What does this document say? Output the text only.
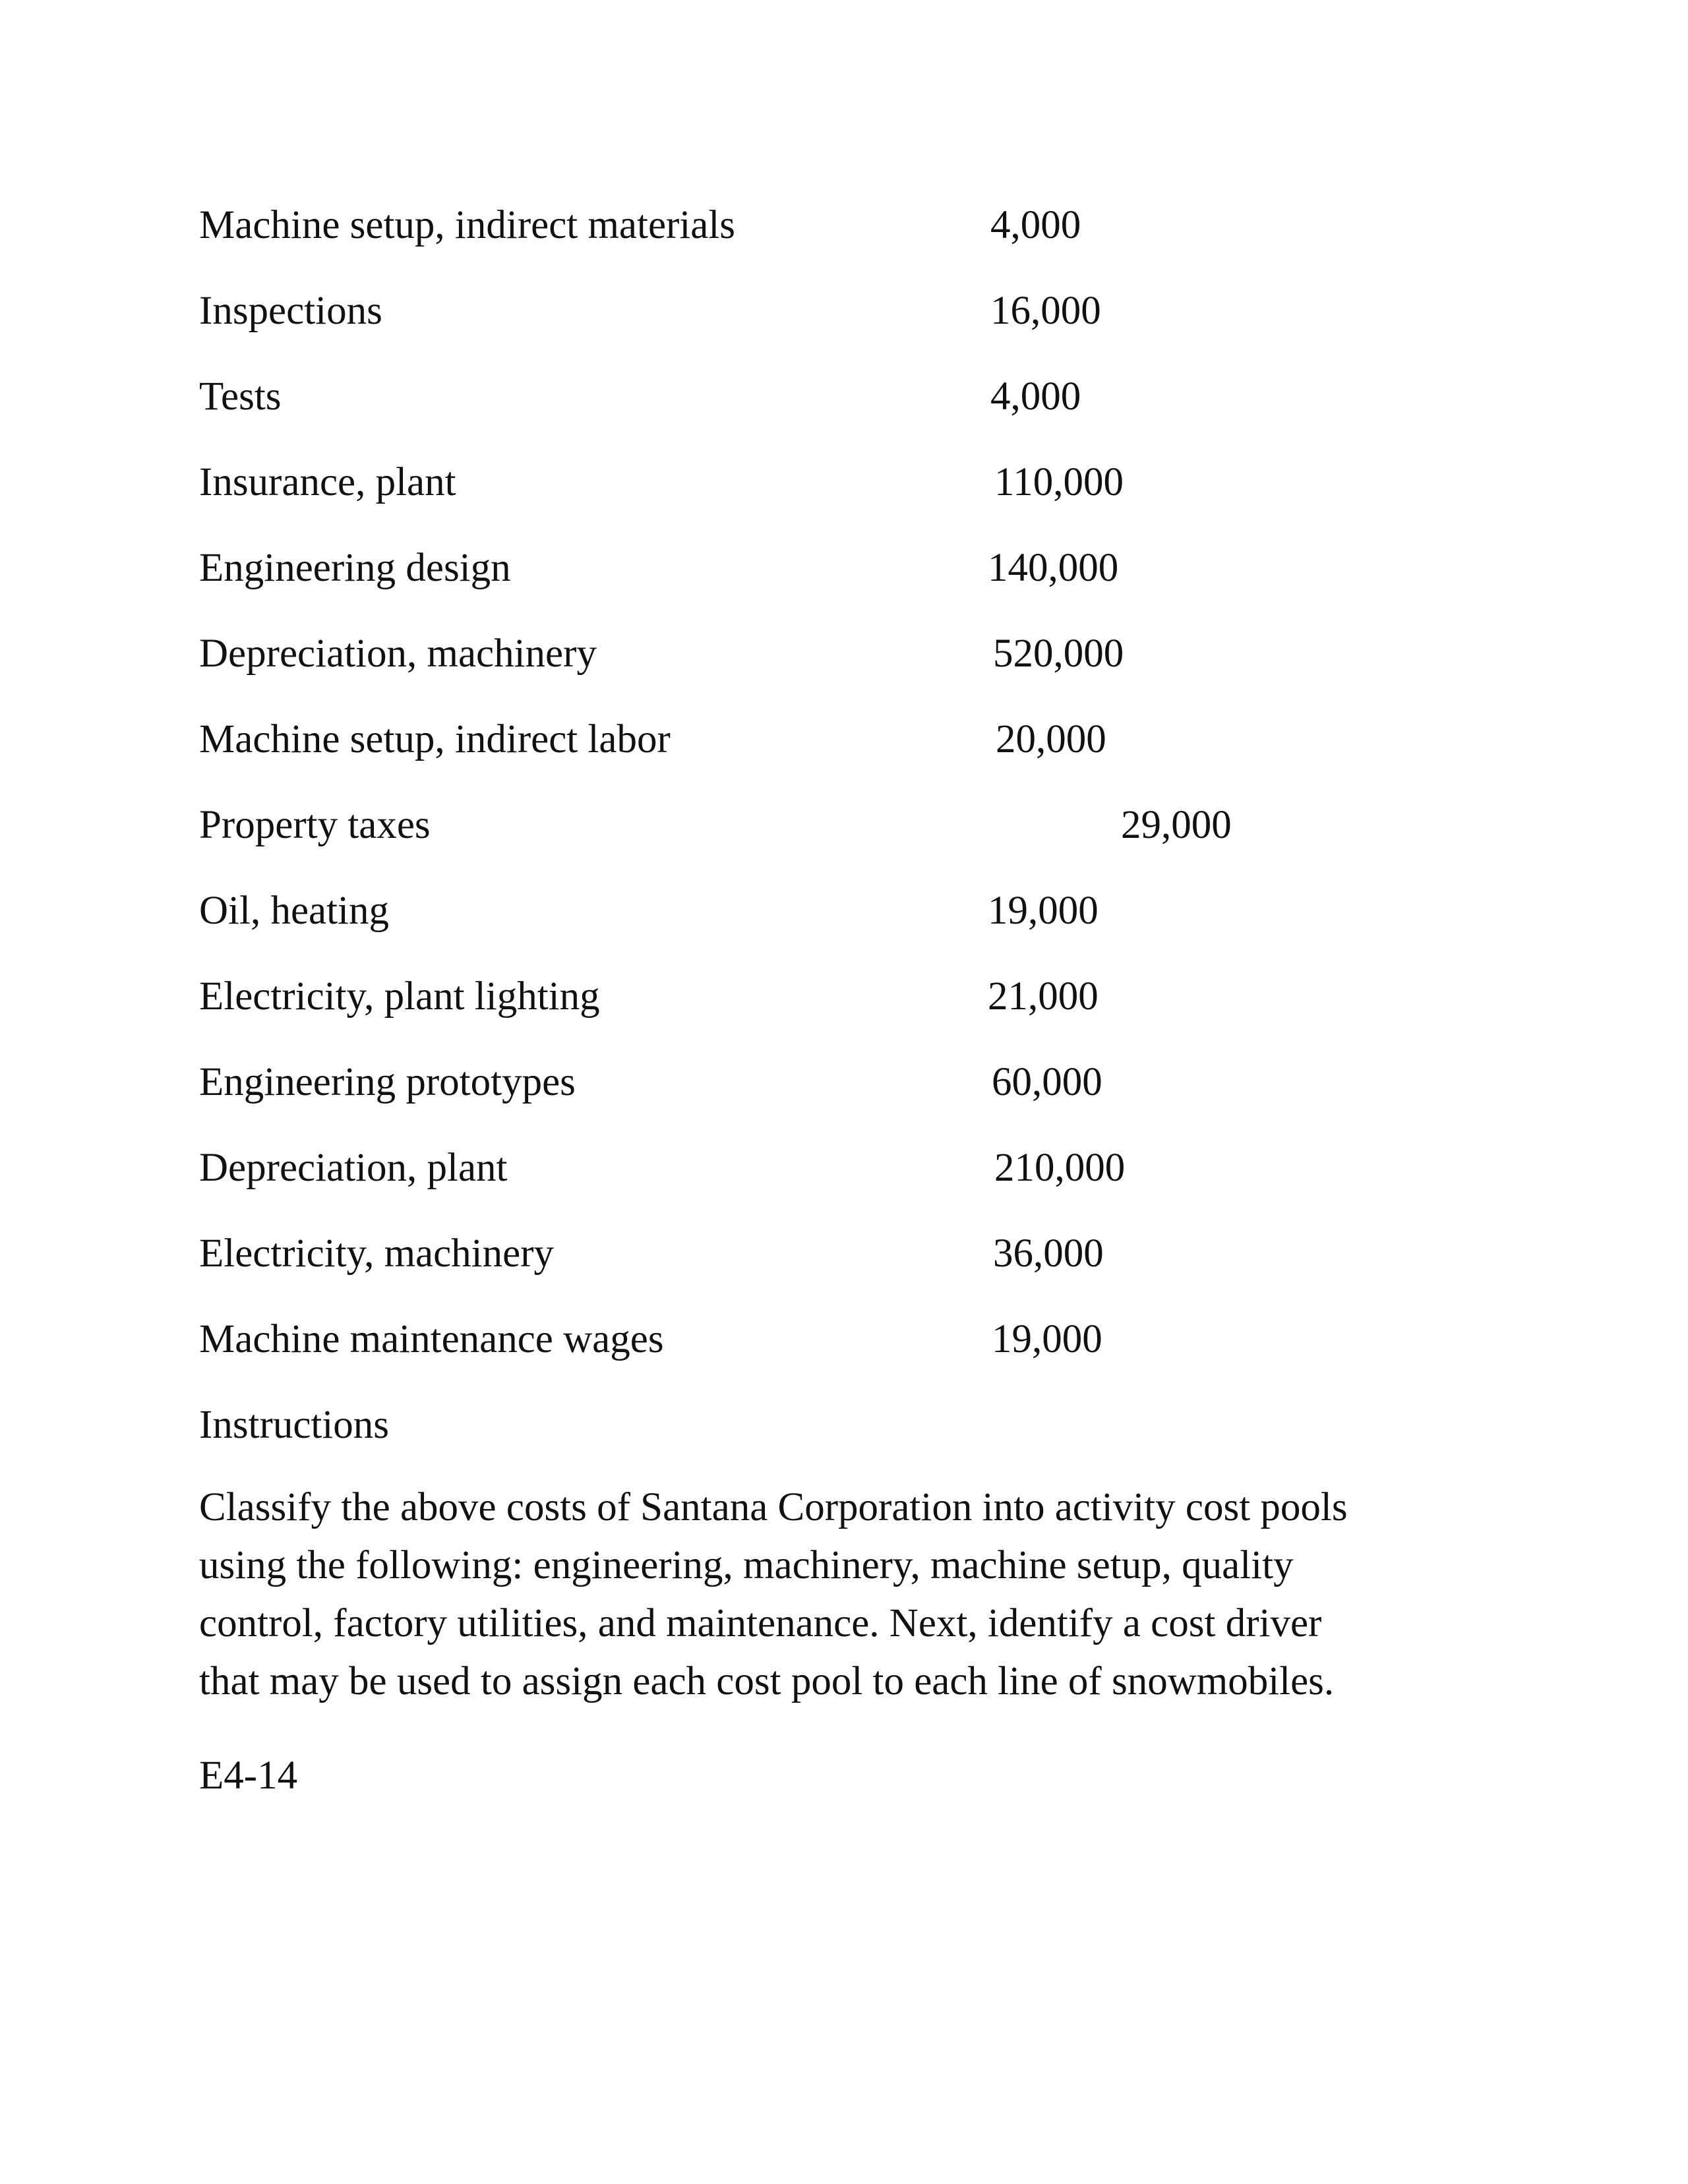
Machine setup, indirect materials	4,000
Inspections	16,000
Tests	4,000
Insurance, plant	110,000
Engineering design	140,000
Depreciation, machinery	520,000
Machine setup, indirect labor	20,000
Property taxes	29,000
Oil, heating	19,000
Electricity, plant lighting	21,000
Engineering prototypes	60,000
Depreciation, plant	210,000
Electricity, machinery	36,000
Machine maintenance wages	19,000
Instructions
Classify the above costs of Santana Corporation into activity cost pools
using the following: engineering, machinery, machine setup, quality
control, factory utilities, and maintenance. Next, identify a cost driver
that may be used to assign each cost pool to each line of snowmobiles.
E4-14
